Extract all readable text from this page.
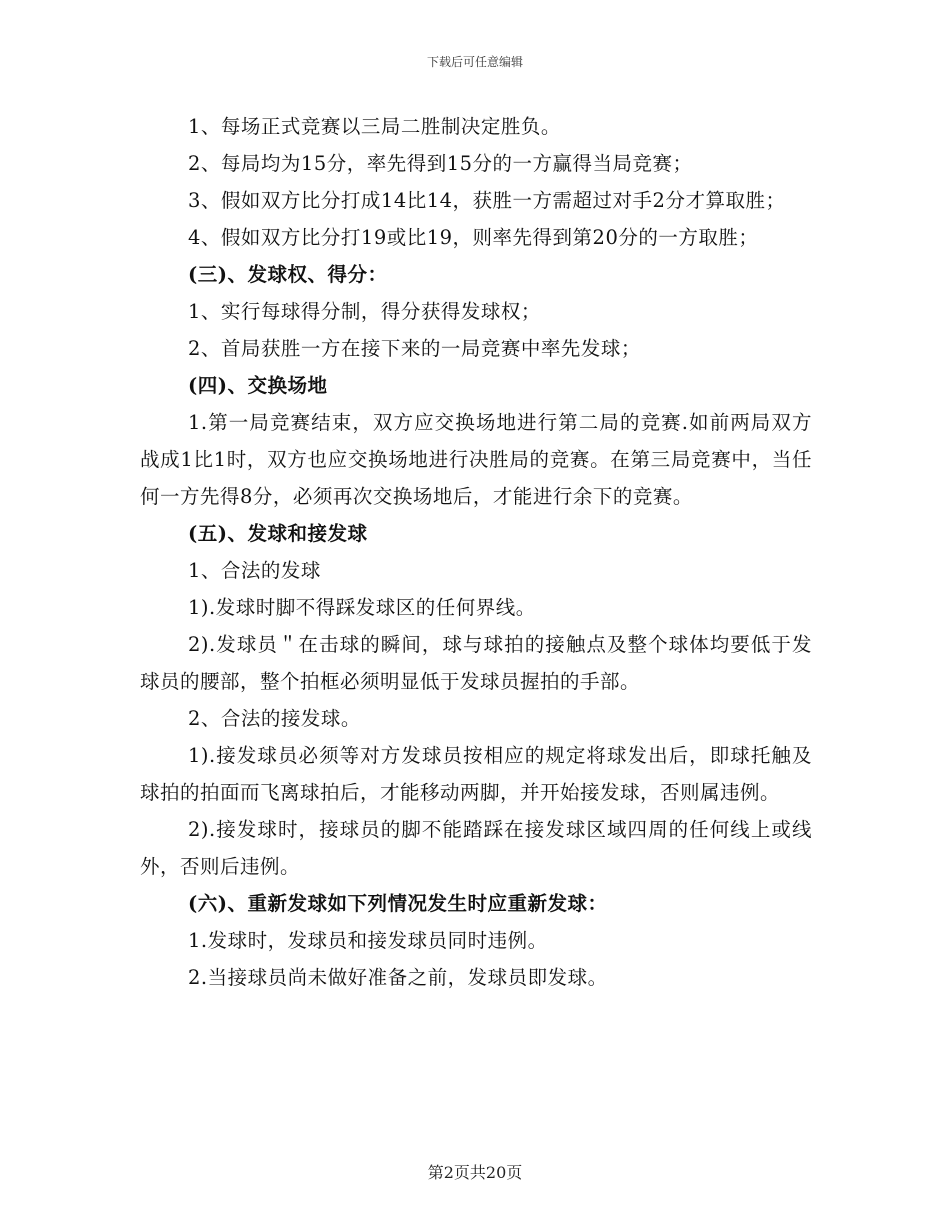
下载后可任意编辑

1、每场正式竞赛以三局二胜制决定胜负。

2、每局均为15分，率先得到15分的一方赢得当局竞赛；

3、假如双方比分打成14比14，获胜一方需超过对手2分才算取胜；

4、假如双方比分打19或比19，则率先得到第20分的一方取胜；

(三)、发球权、得分：

1、实行每球得分制，得分获得发球权；

2、首局获胜一方在接下来的一局竞赛中率先发球；

(四)、交换场地

1.第一局竞赛结束，双方应交换场地进行第二局的竞赛.如前两局双方战成1比1时，双方也应交换场地进行决胜局的竞赛。在第三局竞赛中，当任何一方先得8分，必须再次交换场地后，才能进行余下的竞赛。

(五)、发球和接发球

1、合法的发球

1).发球时脚不得踩发球区的任何界线。

2).发球员＂在击球的瞬间，球与球拍的接触点及整个球体均要低于发球员的腰部，整个拍框必须明显低于发球员握拍的手部。

2、合法的接发球。

1).接发球员必须等对方发球员按相应的规定将球发出后，即球托触及球拍的拍面而飞离球拍后，才能移动两脚，并开始接发球，否则属违例。

2).接发球时，接球员的脚不能踏踩在接发球区域四周的任何线上或线外，否则后违例。

(六)、重新发球如下列情况发生时应重新发球：

1.发球时，发球员和接发球员同时违例。

2.当接球员尚未做好准备之前，发球员即发球。

第2页共20页
